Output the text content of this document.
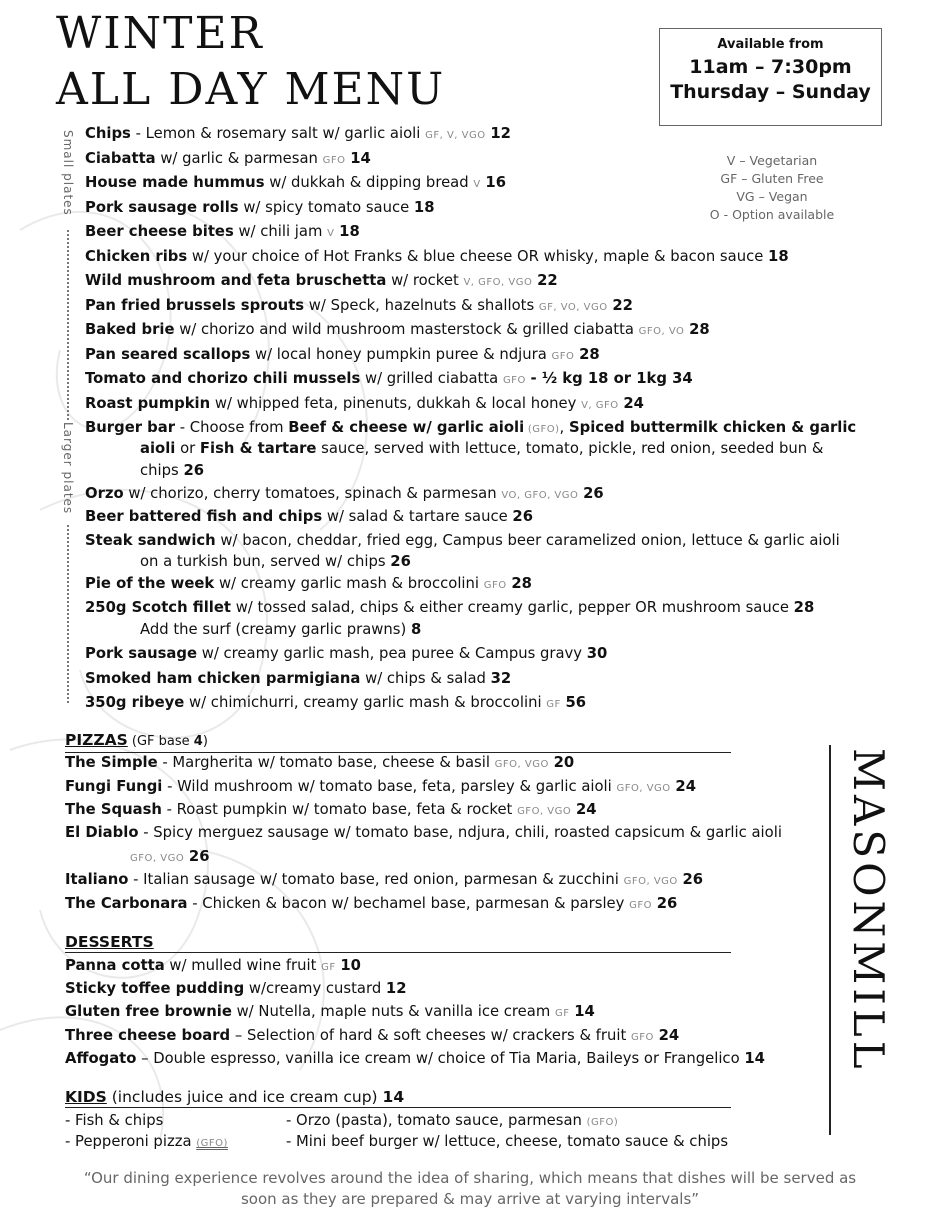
WINTER
ALL DAY MENU
Available from
11am – 7:30pm
Thursday – Sunday
V – Vegetarian
GF – Gluten Free
VG – Vegan
O - Option available
Small plates
Larger plates
Chips - Lemon & rosemary salt w/ garlic aioli GF, V, VGO 12
Ciabatta w/ garlic & parmesan GFO 14
House made hummus w/ dukkah & dipping bread V 16
Pork sausage rolls w/ spicy tomato sauce 18
Beer cheese bites w/ chili jam V 18
Chicken ribs w/ your choice of Hot Franks & blue cheese OR whisky, maple & bacon sauce 18
Wild mushroom and feta bruschetta w/ rocket V, GFO, VGO 22
Pan fried brussels sprouts w/ Speck, hazelnuts & shallots GF, VO, VGO 22
Baked brie w/ chorizo and wild mushroom masterstock & grilled ciabatta GFO, VO 28
Pan seared scallops w/ local honey pumpkin puree & ndjura GFO 28
Tomato and chorizo chili mussels w/ grilled ciabatta GFO - ½ kg 18 or 1kg 34
Roast pumpkin w/ whipped feta, pinenuts, dukkah & local honey V, GFO 24
Burger bar - Choose from Beef & cheese w/ garlic aioli (GFO), Spiced buttermilk chicken & garlic
aioli or Fish & tartare sauce, served with lettuce, tomato, pickle, red onion, seeded bun &
chips 26
Orzo w/ chorizo, cherry tomatoes, spinach & parmesan VO, GFO, VGO 26
Beer battered fish and chips w/ salad & tartare sauce 26
Steak sandwich w/ bacon, cheddar, fried egg, Campus beer caramelized onion, lettuce & garlic aioli
on a turkish bun, served w/ chips 26
Pie of the week w/ creamy garlic mash & broccolini GFO 28
250g Scotch fillet w/ tossed salad, chips & either creamy garlic, pepper OR mushroom sauce 28
Add the surf (creamy garlic prawns) 8
Pork sausage w/ creamy garlic mash, pea puree & Campus gravy 30
Smoked ham chicken parmigiana w/ chips & salad 32
350g ribeye w/ chimichurri, creamy garlic mash & broccolini GF 56
PIZZAS (GF base 4)
The Simple - Margherita w/ tomato base, cheese & basil GFO, VGO 20
Fungi Fungi - Wild mushroom w/ tomato base, feta, parsley & garlic aioli GFO, VGO 24
The Squash - Roast pumpkin w/ tomato base, feta & rocket GFO, VGO 24
El Diablo - Spicy merguez sausage w/ tomato base, ndjura, chili, roasted capsicum & garlic aioli
GFO, VGO 26
Italiano - Italian sausage w/ tomato base, red onion, parmesan & zucchini GFO, VGO 26
The Carbonara - Chicken & bacon w/ bechamel base, parmesan & parsley GFO 26
DESSERTS
Panna cotta w/ mulled wine fruit GF 10
Sticky toffee pudding w/creamy custard 12
Gluten free brownie w/ Nutella, maple nuts & vanilla ice cream GF 14
Three cheese board – Selection of hard & soft cheeses w/ crackers & fruit GFO 24
Affogato – Double espresso, vanilla ice cream w/ choice of Tia Maria, Baileys or Frangelico 14
KIDS (includes juice and ice cream cup) 14
- Fish & chips
- Pepperoni pizza (GFO)
- Orzo (pasta), tomato sauce, parmesan (GFO)
- Mini beef burger w/ lettuce, cheese, tomato sauce & chips
MASONMILL
“Our dining experience revolves around the idea of sharing, which means that dishes will be served as
soon as they are prepared & may arrive at varying intervals”
